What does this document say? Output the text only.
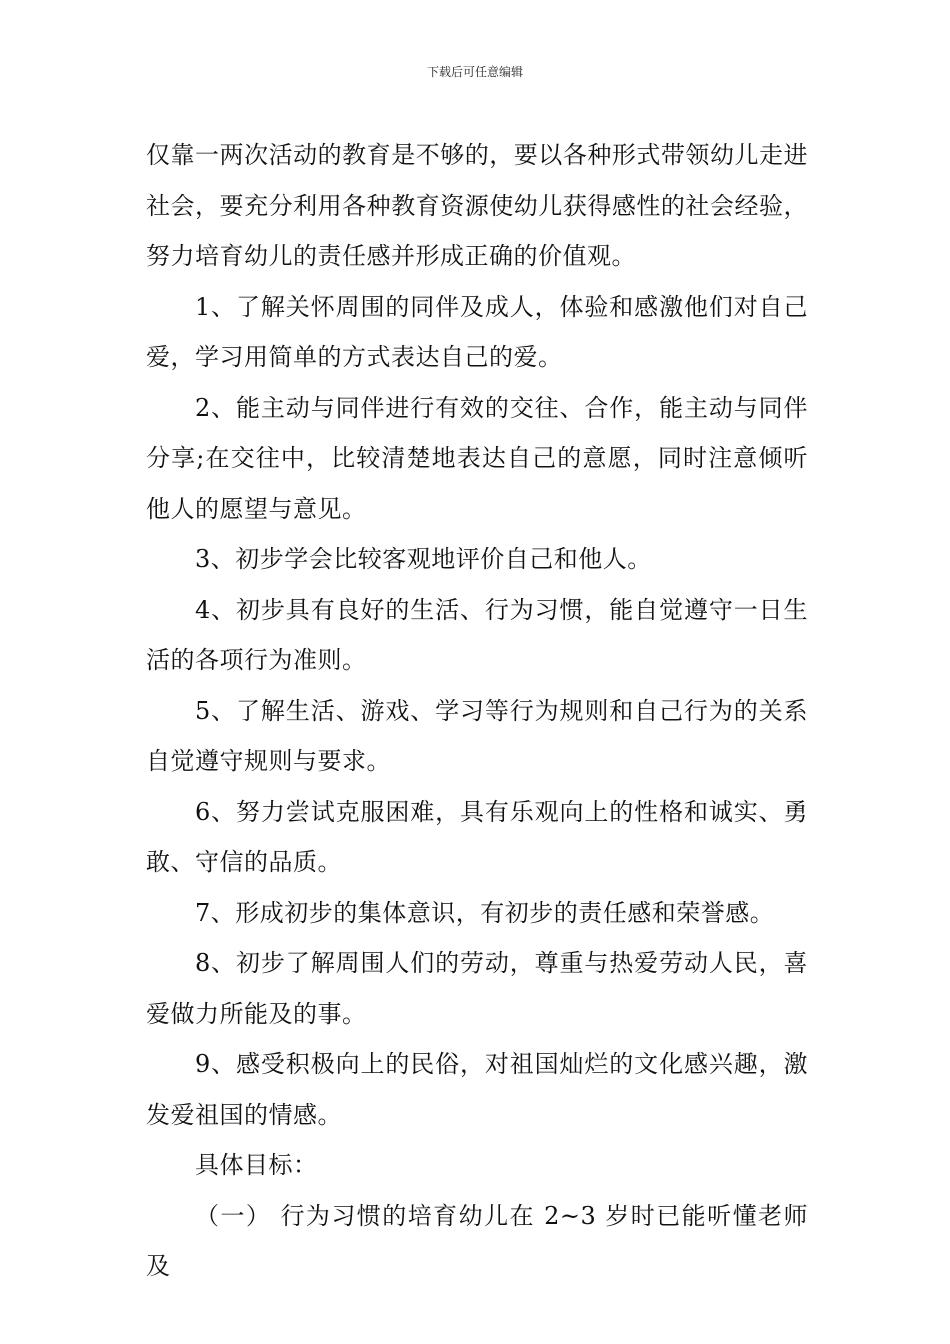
下载后可任意编辑

仅靠一两次活动的教育是不够的，要以各种形式带领幼儿走进社会，要充分利用各种教育资源使幼儿获得感性的社会经验，努力培育幼儿的责任感并形成正确的价值观。

1、了解关怀周围的同伴及成人，体验和感激他们对自己爱，学习用简单的方式表达自己的爱。

2、能主动与同伴进行有效的交往、合作，能主动与同伴分享;在交往中，比较清楚地表达自己的意愿，同时注意倾听他人的愿望与意见。

3、初步学会比较客观地评价自己和他人。

4、初步具有良好的生活、行为习惯，能自觉遵守一日生活的各项行为准则。

5、了解生活、游戏、学习等行为规则和自己行为的关系自觉遵守规则与要求。

6、努力尝试克服困难，具有乐观向上的性格和诚实、勇敢、守信的品质。

7、形成初步的集体意识，有初步的责任感和荣誉感。

8、初步了解周围人们的劳动，尊重与热爱劳动人民，喜爱做力所能及的事。

9、感受积极向上的民俗，对祖国灿烂的文化感兴趣，激发爱祖国的情感。

具体目标：

（一） 行为习惯的培育幼儿在 2~3 岁时已能听懂老师及
